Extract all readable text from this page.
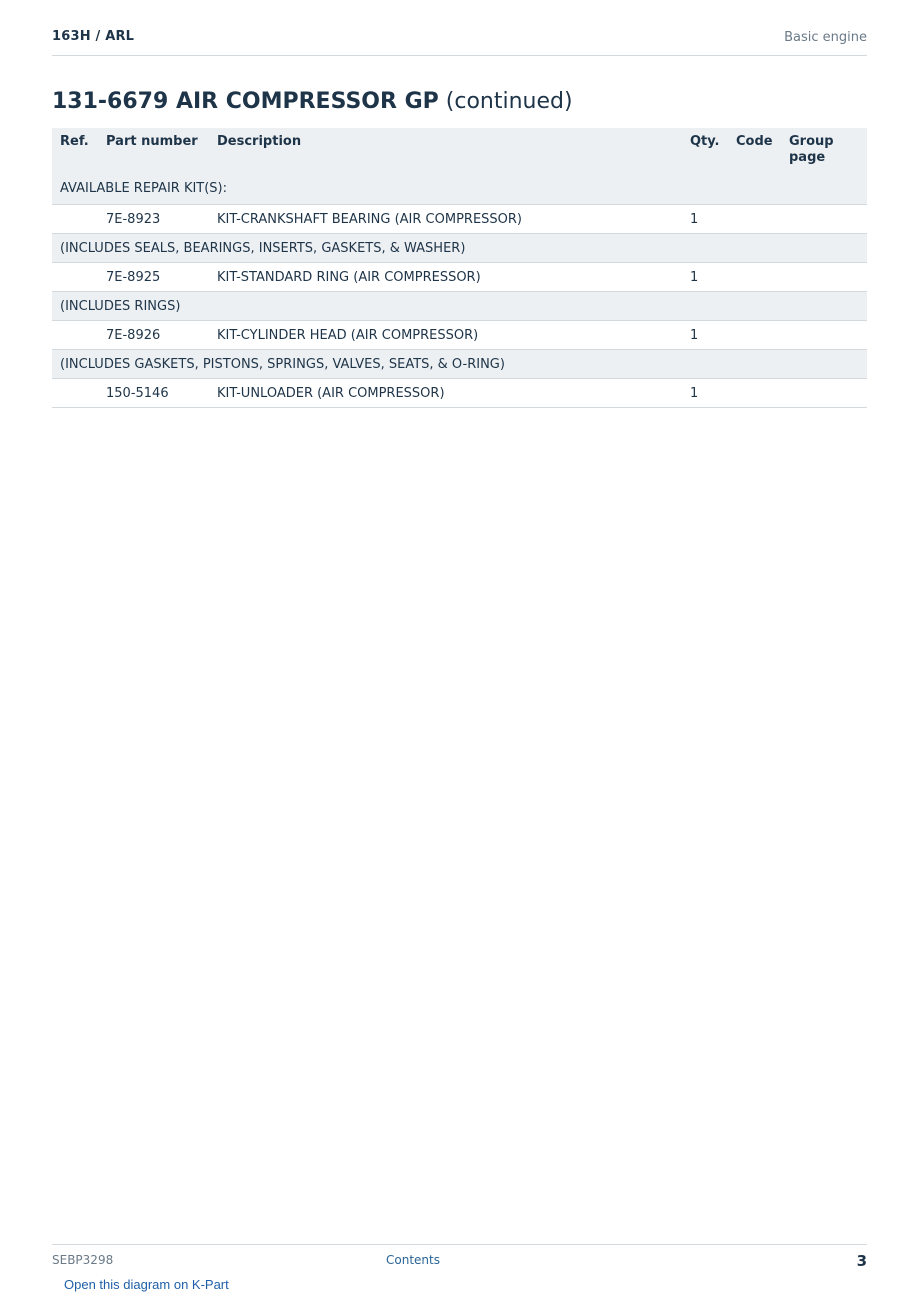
163H / ARL	Basic engine
131-6679 AIR COMPRESSOR GP (continued)
Ref.	Part number	Description	Qty.	Code	Group page
AVAILABLE REPAIR KIT(S):					
	7E-8923	KIT-CRANKSHAFT BEARING (AIR COMPRESSOR)	1		
(INCLUDES SEALS, BEARINGS, INSERTS, GASKETS, & WASHER)					
	7E-8925	KIT-STANDARD RING (AIR COMPRESSOR)	1		
(INCLUDES RINGS)					
	7E-8926	KIT-CYLINDER HEAD (AIR COMPRESSOR)	1		
(INCLUDES GASKETS, PISTONS, SPRINGS, VALVES, SEATS, & O-RING)					
	150-5146	KIT-UNLOADER (AIR COMPRESSOR)	1		
SEBP3298	Contents	3
Open this diagram on K-Part
